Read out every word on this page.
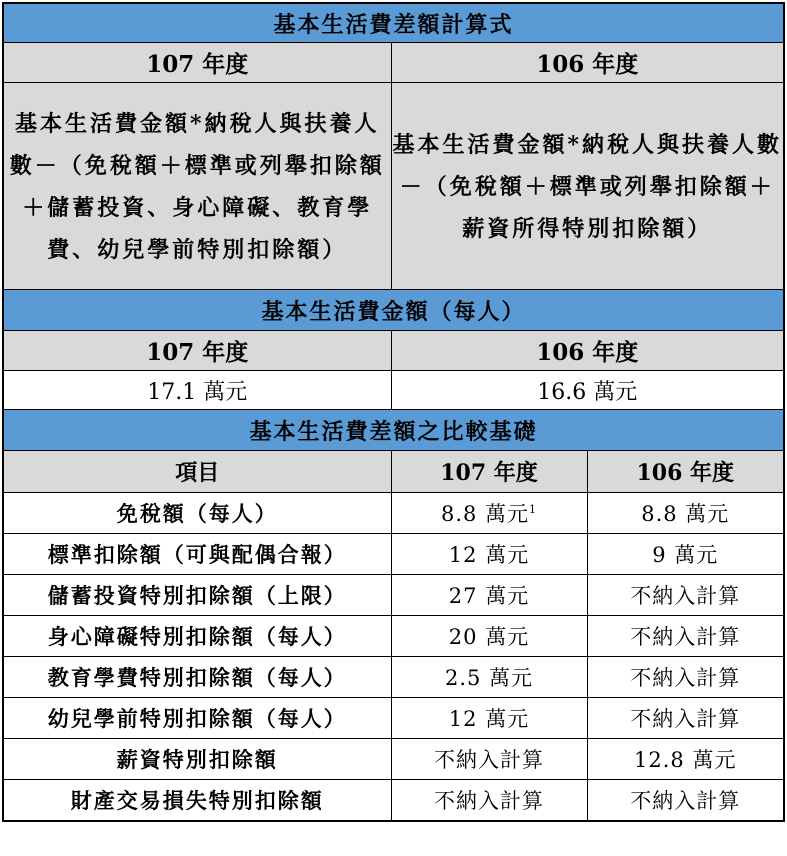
基本生活費差額計算式		
107 年度	106 年度	

基本生活費金額*納稅人與扶養人數－（免稅額＋標準或列舉扣除額＋儲蓄投資、身心障礙、教育學費、幼兒學前特別扣除額）	基本生活費金額*納稅人與扶養人數－（免稅額＋標準或列舉扣除額＋薪資所得特別扣除額）	

基本生活費金額（每人）		
107 年度	106 年度	
17.1 萬元	16.6 萬元	
基本生活費差額之比較基礎		
項目	107 年度	106 年度
免稅額（每人）	8.8 萬元$^1$	8.8 萬元
標準扣除額（可與配偶合報）	12 萬元	9 萬元
儲蓄投資特別扣除額（上限）	27 萬元	不納入計算
身心障礙特別扣除額（每人）	20 萬元	不納入計算
教育學費特別扣除額（每人）	2.5 萬元	不納入計算
幼兒學前特別扣除額（每人）	12 萬元	不納入計算
薪資特別扣除額	不納入計算	12.8 萬元
財產交易損失特別扣除額	不納入計算	不納入計算
